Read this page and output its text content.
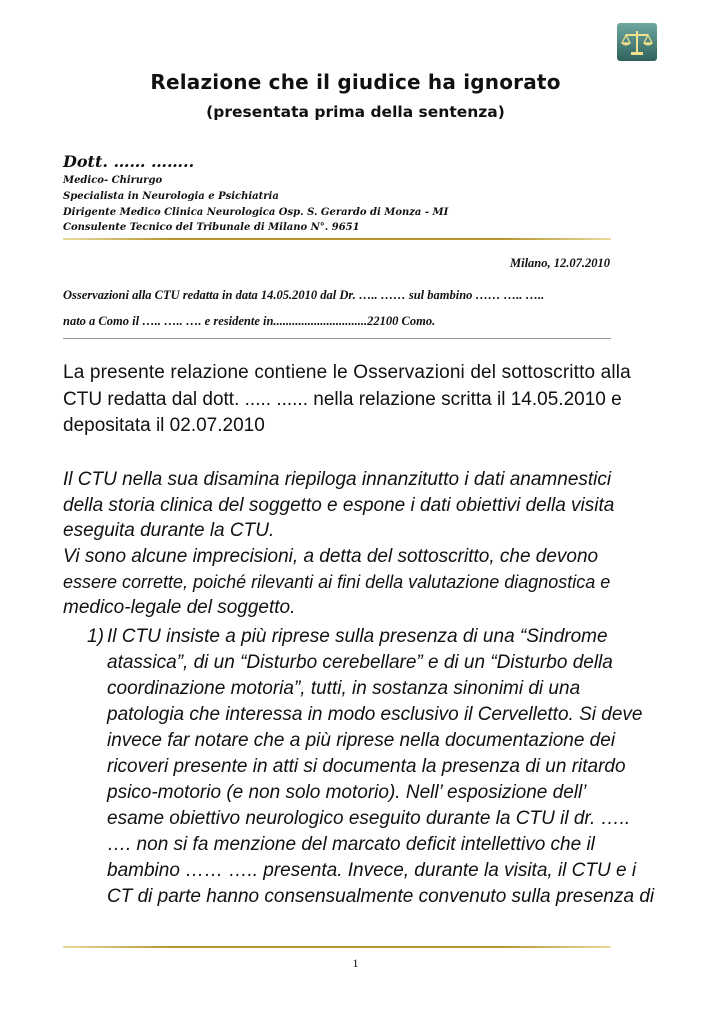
Relazione che il giudice ha ignorato
(presentata prima della sentenza)
Dott. …… ……..
Medico- Chirurgo
Specialista in Neurologia e Psichiatria
Dirigente Medico Clinica Neurologica Osp. S. Gerardo di Monza - MI
Consulente Tecnico del Tribunale di Milano N°. 9651
Milano, 12.07.2010
Osservazioni alla CTU redatta in data 14.05.2010 dal Dr. ….. …… sul bambino …… ….. …..
nato a Como il ….. ….. …. e residente in..............................22100 Como.
La presente relazione contiene le Osservazioni del sottoscritto alla
CTU redatta dal dott. ..... ...... nella relazione scritta il 14.05.2010 e
depositata il 02.07.2010
Il CTU nella sua disamina riepiloga innanzitutto i dati anamnestici
della storia clinica del soggetto e espone i dati obiettivi della visita
eseguita durante la CTU.
Vi sono alcune imprecisioni, a detta del sottoscritto, che devono
essere corrette, poiché rilevanti ai fini della valutazione diagnostica e
medico-legale del soggetto.
1) Il CTU insiste a più riprese sulla presenza di una “Sindrome
atassica”, di un “Disturbo cerebellare” e di un “Disturbo della
coordinazione motoria”, tutti, in sostanza sinonimi di una
patologia che interessa in modo esclusivo il Cervelletto. Si deve
invece far notare che a più riprese nella documentazione dei
ricoveri presente in atti si documenta la presenza di un ritardo
psico-motorio (e non solo motorio). Nell’ esposizione dell’
esame obiettivo neurologico eseguito durante la CTU il dr. …..
…. non si fa menzione del marcato deficit intellettivo che il
bambino …… ….. presenta. Invece, durante la visita, il CTU e i
CT di parte hanno consensualmente convenuto sulla presenza di
1
